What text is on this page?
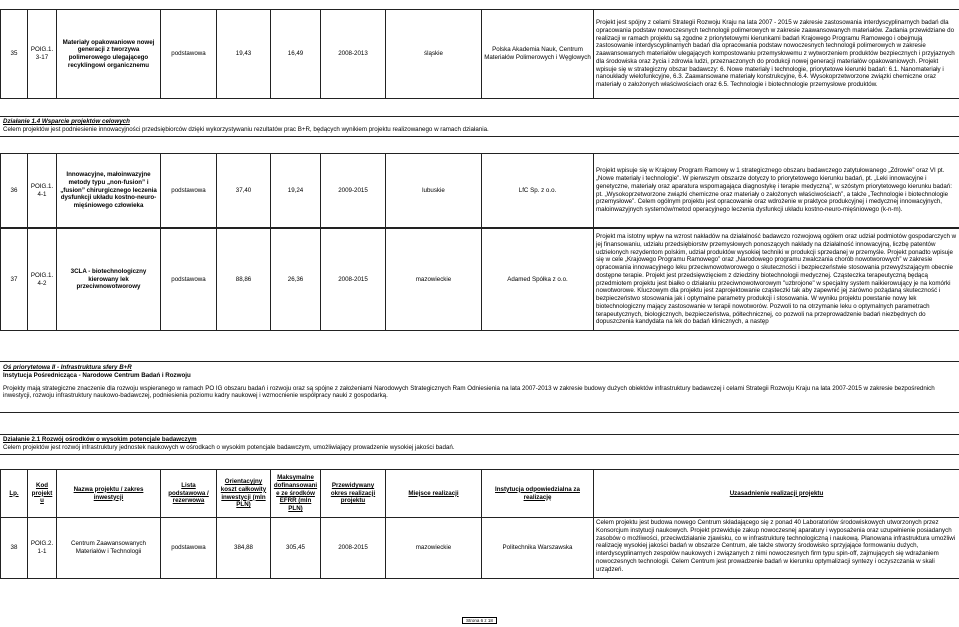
35	POIG.1.3-17	Materiały opakowaniowe nowej generacji z tworzywa polimerowego ulegającego recyklingowi organicznemu	podstawowa	19,43	16,49	2008-2013	śląskie	Polska Akademia Nauk, Centrum Materiałów Polimerowych i Węglowych	Projekt jest spójny z celami Strategii Rozwoju Kraju na lata 2007 - 2015 w zakresie zastosowania interdyscyplinarnych badań dla opracowania podstaw nowoczesnych technologii polimerowych w zakresie zaawansowanych materiałów. Zadania przewidziane do realizacji w ramach projektu są zgodne z priorytetowymi kierunkami badań Krajowego Programu Ramowego i obejmują zastosowanie interdyscyplinarnych badań dla opracowania podstaw nowoczesnych technologii polimerowych w zakresie zaawansowanych materiałów ulegających kompostowaniu przemysłowemu z wytworzeniem produktów bezpiecznych i przyjaznych dla środowiska oraz życia i zdrowia ludzi, przeznaczonych do produkcji nowej generacji materiałów opakowaniowych. Projekt wpisuje się w strategiczny obszar badawczy: 6. Nowe materiały i technologie, priorytetowe kierunki badań: 6.1. Nanomateriały i nanoukłady wielofunkcyjne, 6.3. Zaawansowane materiały konstrukcyjne, 6.4. Wysokoprzetworzone związki chemiczne oraz materiały o założonych właściwościach oraz 6.5. Technologie i biotechnologie przemysłowe produktów.
Działanie 1.4 Wsparcie projektów celowych
Celem projektów jest podniesienie innowacyjności przedsiębiorców dzięki wykorzystywaniu rezultatów prac B+R, będących wynikiem projektu realizowanego w ramach działania.
36	POIG.1.4-1	Innowacyjne, małoinwazyjne metody typu „non-fusion” i „fusion” chirurgicznego leczenia dysfunkcji układu kostno-neuro-mięśniowego człowieka	podstawowa	37,40	19,24	2009-2015	lubuskie	LfC Sp. z o.o.	Projekt wpisuje się w Krajowy Program Ramowy w 1 strategicznego obszaru badawczego zatytułowanego „Zdrowie” oraz VI pt. „Nowe materiały i technologie”. W pierwszym obszarze dotyczy to priorytetowego kierunku badań, pt. „Leki innowacyjne i genetyczne, materiały oraz aparatura wspomagająca diagnostykę i terapie medyczną”, w szóstym priorytetowego kierunku badań: pt. „Wysokoprzetworzone związki chemiczne oraz materiały o założonych właściwościach”, a także „Technologie i biotechnologie przemysłowe”. Celem ogólnym projektu jest opracowanie oraz wdrożenie w praktyce produkcyjnej i medycznej innowacyjnych, małoinwazyjnych systemów/metod operacyjnego leczenia dysfunkcji układu kostno-neuro-mięśniowego (k-n-m).
37	POIG.1.4-2	3CLA - biotechnologiczny kierowany lek przeciwnowotworowy	podstawowa	88,86	26,36	2008-2015	mazowieckie	Adamed Spółka z o.o.	Projekt ma istotny wpływ na wzrost nakładów na działalność badawczo rozwojową ogółem oraz udział podmiotów gospodarczych w jej finansowaniu, udziału przedsiębiorstw przemysłowych ponoszących nakłady na działalność innowacyjną, liczbę patentów udzielonych rezydentom polskim, udział produktów wysokiej techniki w produkcji sprzedanej w przemyśle. Projekt ponadto wpisuje się w cele „Krajowego Programu Ramowego” oraz „Narodowego programu zwalczania chorób nowotworowych” w zakresie opracowania innowacyjnego leku przeciwnowotworowego o skuteczności i bezpieczeństwie stosowania przewyższającym obecnie dostępne terapie. Projekt jest przedsięwzięciem z dziedziny biotechnologii medycznej. Cząsteczka terapeutyczną będącą przedmiotem projektu jest białko o działaniu przeciwnowotworowym "uzbrojone" w specjalny system naikierowujący je na komórki nowotworowe. Kluczowym dla projektu jest zaprojektowanie cząsteczki tak aby zapewnić jej zarówno pożądaną skuteczność i bezpieczeństwo stosowania jak i optymalne parametry produkcji i stosowania. W wyniku projektu powstanie nowy lek biotechnologiczny mający zastosowanie w terapii nowotworów. Pozwoli to na otrzymanie leku o optymalnych parametrach terapeutycznych, biologicznych, bezpieczeństwa, półtechnicznej, co pozwoli na przeprowadzenie badań niezbędnych do dopuszczenia kandydata na lek do badań klinicznych, a następ
Oś priorytetowa II - Infrastruktura sfery B+R
Instytucja Pośrednicząca - Narodowe Centrum Badań i Rozwoju
Projekty mają strategiczne znaczenie dla rozwoju wspieranego w ramach PO IG obszaru badań i rozwoju oraz są spójne z założeniami Narodowych Strategicznych Ram Odniesienia na lata 2007-2013 w zakresie budowy dużych obiektów infrastruktury badawczej i celami Strategii Rozwoju Kraju na lata 2007-2015 w zakresie bezpośrednich inwestycji, rozwoju infrastruktury naukowo-badawczej, podniesienia poziomu kadry naukowej i wzmocnienie współpracy nauki z gospodarką.
Działanie 2.1 Rozwój ośrodków o wysokim potencjale badawczym
Celem projektów jest rozwój infrastruktury jednostek naukowych w ośrodkach o wysokim potencjale badawczym, umożliwiający prowadzenie wysokiej jakości badań.
Lp.	Kod projektu	Nazwa projektu / zakres inwestycji	Lista podstawowa / rezerwowa	Orientacyjny koszt całkowity inwestycji (mln PLN)	Maksymalne dofinansowanie ze środków EFRR (mln PLN)	Przewidywany okres realizacji projektu	Miejsce realizacji	Instytucja odpowiedzialna za realizację	Uzasadnienie realizacji projektu
38	POIG.2.1-1	Centrum Zaawansowanych Materiałów i Technologii	podstawowa	384,88	305,45	2008-2015	mazowieckie	Politechnika Warszawska	Celem projektu jest budowa nowego Centrum składającego się z ponad 40 Laboratoriów środowiskowych utworzonych przez Konsorcjum instytucji naukowych. Projekt przewiduje zakup nowoczesnej aparatury i wyposażenia oraz uzupełnienie posiadanych zasobów o możliwości, przeciwdziałanie zjawisku, co w infrastrukturę technologiczną i naukową. Planowana infrastruktura umożliwi realizację wysokiej jakości badań w obszarze Centrum, ale także stworzy środowisko sprzyjające formowaniu dużych, interdyscyplinarnych zespołów naukowych i związanych z nimi nowoczesnych firm typu spin-off, zajmujących się wdrażaniem nowoczesnych technologii. Celem Centrum jest prowadzenie badań w kierunku optymalizacji syntezy i oczyszczania w skali urządzeń.
Strona 6 z 18
